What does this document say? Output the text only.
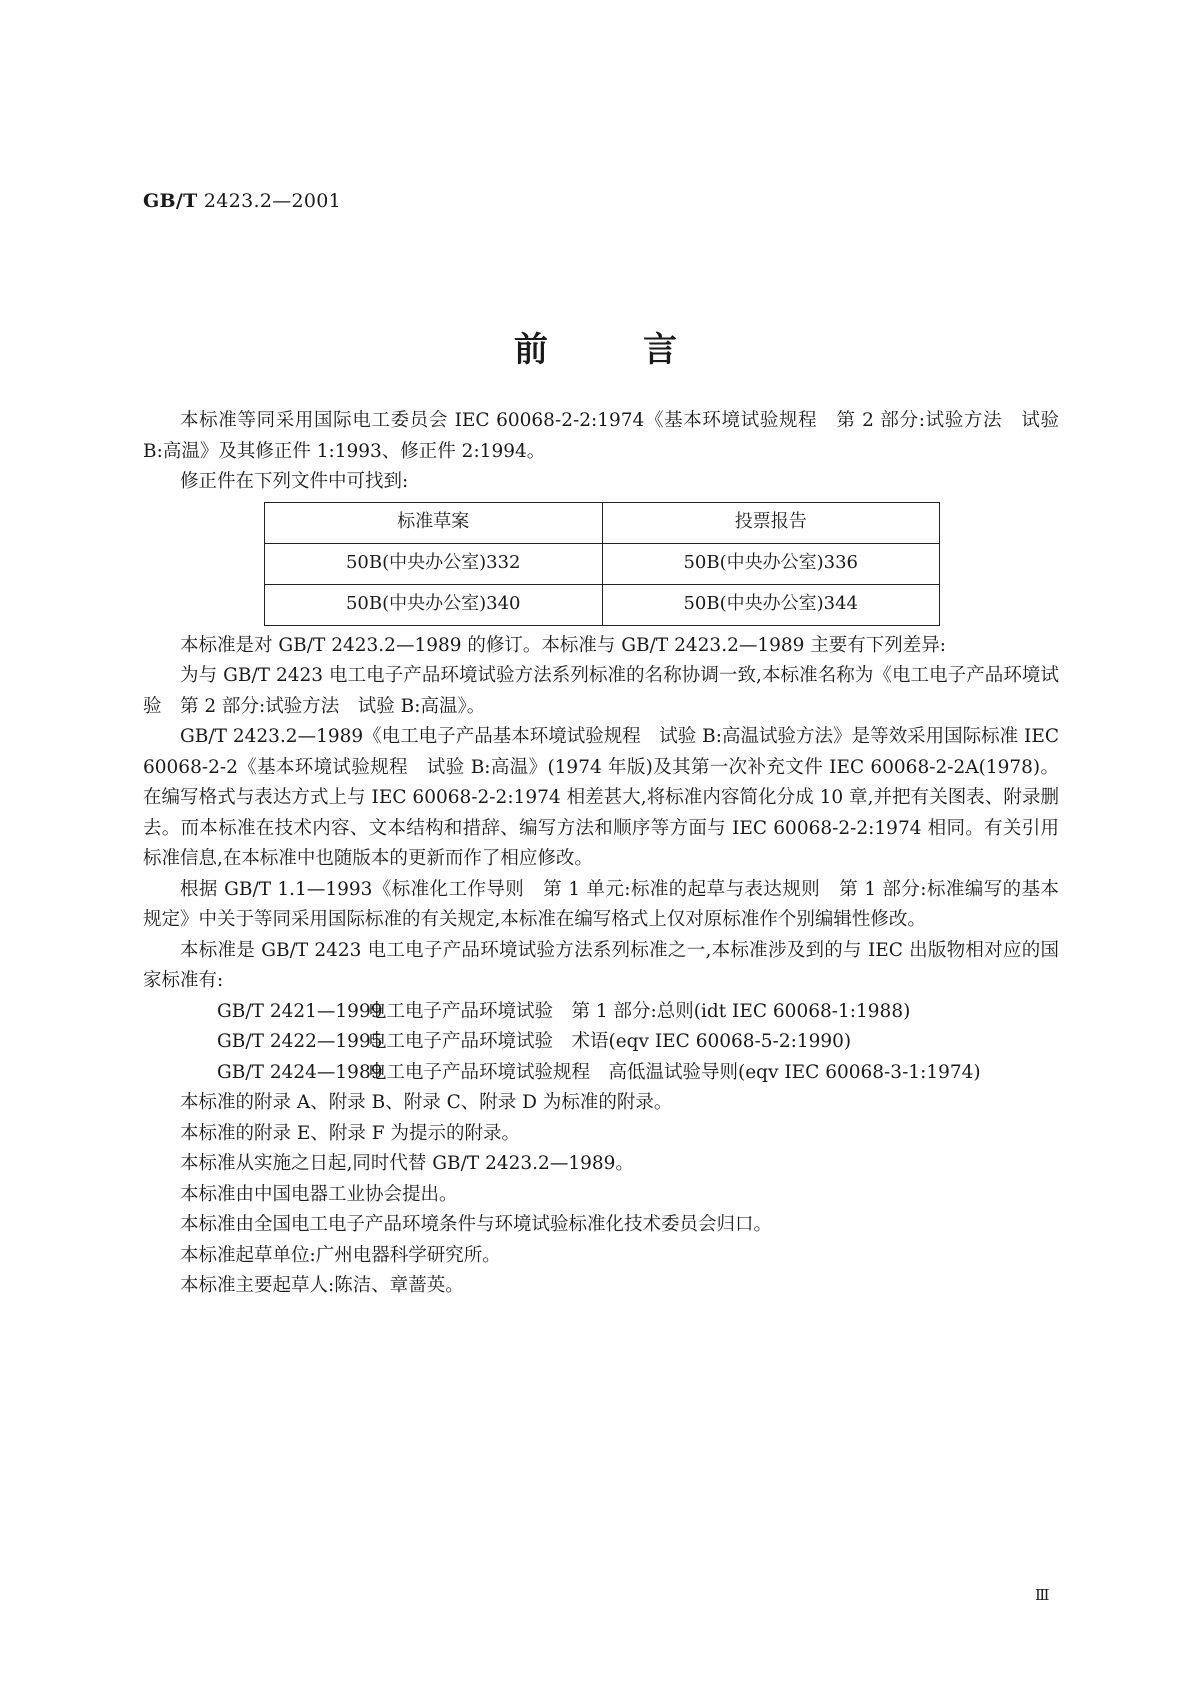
GB/T 2423.2—2001
前	言

本标准等同采用国际电工委员会 IEC 60068-2-2:1974《基本环境试验规程　第 2 部分:试验方法　试验 B:高温》及其修正件 1:1993、修正件 2:1994。

修正件在下列文件中可找到:

标准草案	投票报告
50B(中央办公室)332	50B(中央办公室)336
50B(中央办公室)340	50B(中央办公室)344

本标准是对 GB/T 2423.2—1989 的修订。本标准与 GB/T 2423.2—1989 主要有下列差异:

为与 GB/T 2423 电工电子产品环境试验方法系列标准的名称协调一致,本标准名称为《电工电子产品环境试验　第 2 部分:试验方法　试验 B:高温》。

GB/T 2423.2—1989《电工电子产品基本环境试验规程　试验 B:高温试验方法》是等效采用国际标准 IEC 60068-2-2《基本环境试验规程　试验 B:高温》(1974 年版)及其第一次补充文件 IEC 60068-2-2A(1978)。在编写格式与表达方式上与 IEC 60068-2-2:1974 相差甚大,将标准内容简化分成 10 章,并把有关图表、附录删去。而本标准在技术内容、文本结构和措辞、编写方法和顺序等方面与 IEC 60068-2-2:1974 相同。有关引用标准信息,在本标准中也随版本的更新而作了相应修改。

根据 GB/T 1.1—1993《标准化工作导则　第 1 单元:标准的起草与表达规则　第 1 部分:标准编写的基本规定》中关于等同采用国际标准的有关规定,本标准在编写格式上仅对原标准作个别编辑性修改。

本标准是 GB/T 2423 电工电子产品环境试验方法系列标准之一,本标准涉及到的与 IEC 出版物相对应的国家标准有:

GB/T 2421—1999电工电子产品环境试验　第 1 部分:总则(idt IEC 60068-1:1988)

GB/T 2422—1995电工电子产品环境试验　术语(eqv IEC 60068-5-2:1990)

GB/T 2424—1989电工电子产品环境试验规程　高低温试验导则(eqv IEC 60068-3-1:1974)

本标准的附录 A、附录 B、附录 C、附录 D 为标准的附录。

本标准的附录 E、附录 F 为提示的附录。

本标准从实施之日起,同时代替 GB/T 2423.2—1989。

本标准由中国电器工业协会提出。

本标准由全国电工电子产品环境条件与环境试验标准化技术委员会归口。

本标准起草单位:广州电器科学研究所。

本标准主要起草人:陈洁、章蔷英。

Ⅲ
